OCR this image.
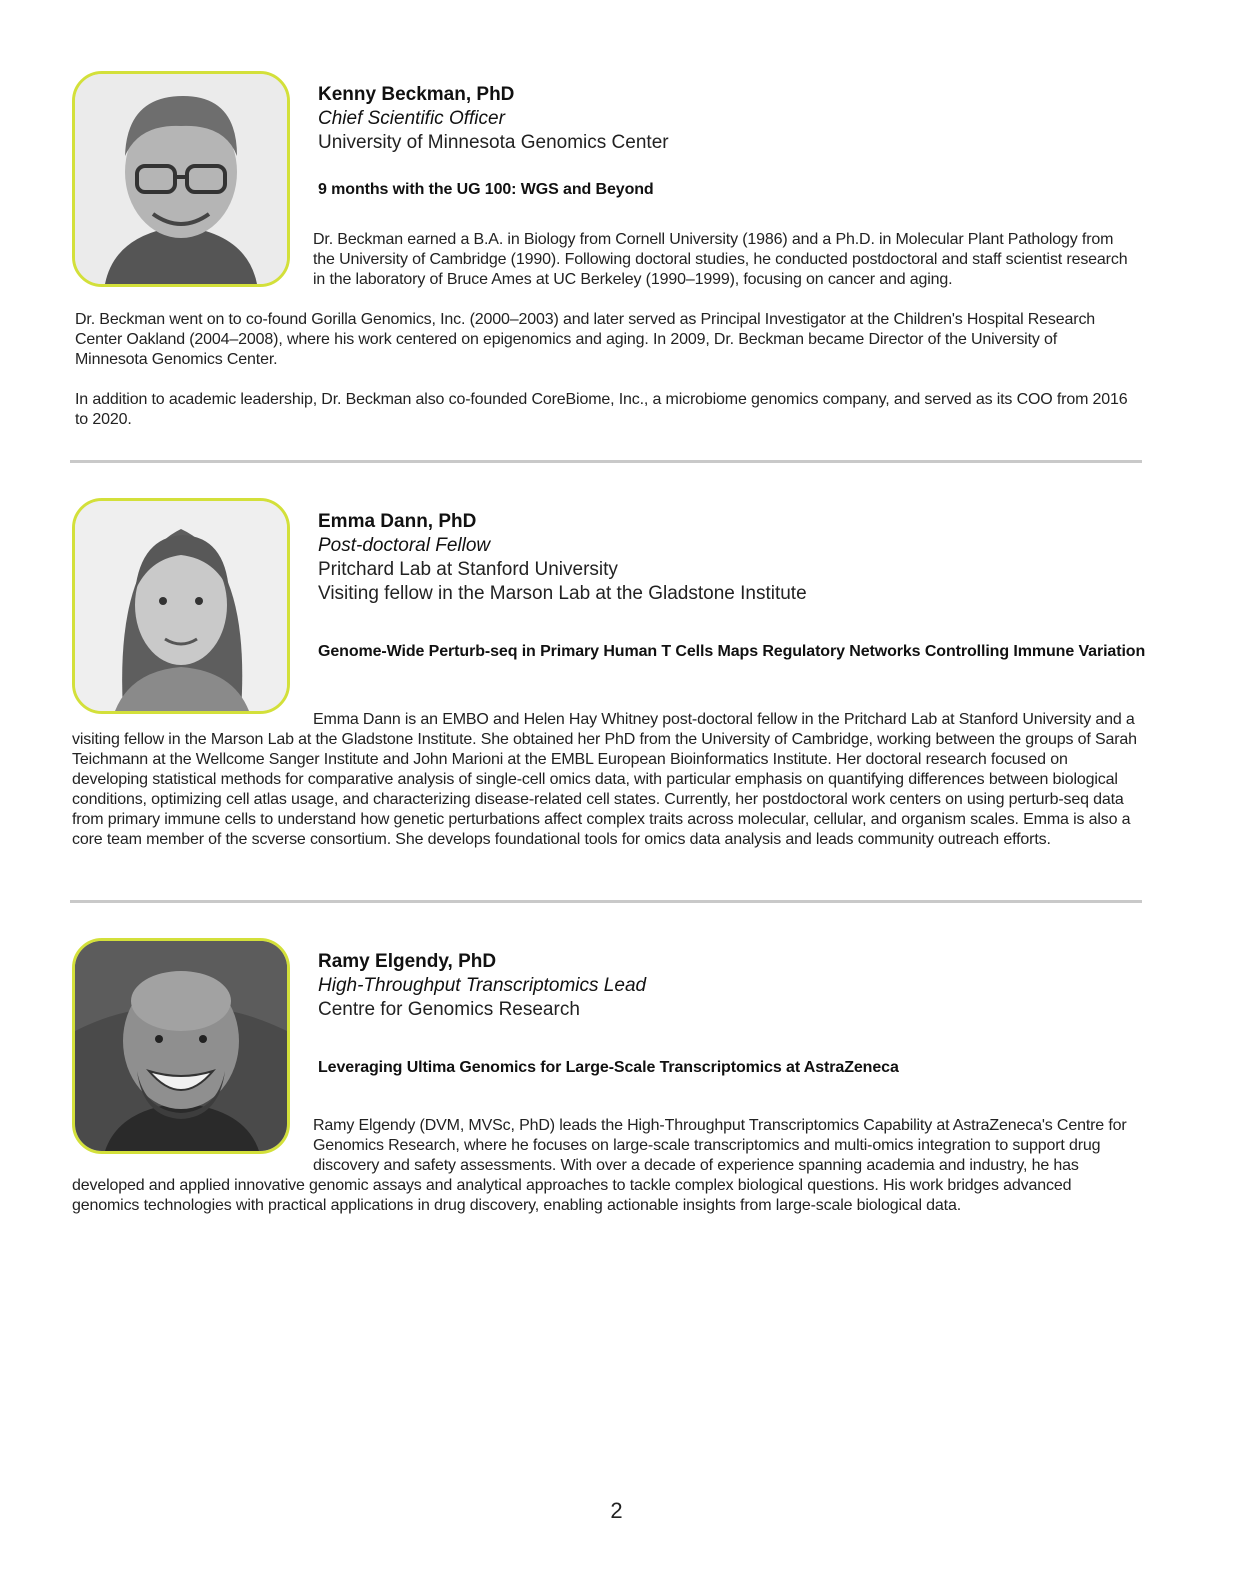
Kenny Beckman, PhD
Chief Scientific Officer
University of Minnesota Genomics Center
9 months with the UG 100: WGS and Beyond

Dr. Beckman earned a B.A. in Biology from Cornell University (1986) and a Ph.D. in Molecular Plant Pathology from the University of Cambridge (1990). Following doctoral studies, he conducted postdoctoral and staff scientist research in the laboratory of Bruce Ames at UC Berkeley (1990–1999), focusing on cancer and aging.

Dr. Beckman went on to co-found Gorilla Genomics, Inc. (2000–2003) and later served as Principal Investigator at the Children's Hospital Research Center Oakland (2004–2008), where his work centered on epigenomics and aging. In 2009, Dr. Beckman became Director of the University of Minnesota Genomics Center.

In addition to academic leadership, Dr. Beckman also co-founded CoreBiome, Inc., a microbiome genomics company, and served as its COO from 2016 to 2020.

Emma Dann, PhD
Post-doctoral Fellow
Pritchard Lab at Stanford University
Visiting fellow in the Marson Lab at the Gladstone Institute
Genome-Wide Perturb-seq in Primary Human T Cells Maps Regulatory Networks Controlling Immune Variation

Emma Dann is an EMBO and Helen Hay Whitney post-doctoral fellow in the Pritchard Lab at Stanford University and a visiting fellow in the Marson Lab at the Gladstone Institute. She obtained her PhD from the University of Cambridge, working between the groups of Sarah Teichmann at the Wellcome Sanger Institute and John Marioni at the EMBL European Bioinformatics Institute. Her doctoral research focused on developing statistical methods for comparative analysis of single-cell omics data, with particular emphasis on quantifying differences between biological conditions, optimizing cell atlas usage, and characterizing disease-related cell states. Currently, her postdoctoral work centers on using perturb-seq data from primary immune cells to understand how genetic perturbations affect complex traits across molecular, cellular, and organism scales. Emma is also a core team member of the scverse consortium. She develops foundational tools for omics data analysis and leads community outreach efforts.

Ramy Elgendy, PhD
High-Throughput Transcriptomics Lead
Centre for Genomics Research
Leveraging Ultima Genomics for Large-Scale Transcriptomics at AstraZeneca

Ramy Elgendy (DVM, MVSc, PhD) leads the High-Throughput Transcriptomics Capability at AstraZeneca's Centre for Genomics Research, where he focuses on large-scale transcriptomics and multi-omics integration to support drug discovery and safety assessments. With over a decade of experience spanning academia and industry, he has developed and applied innovative genomic assays and analytical approaches to tackle complex biological questions. His work bridges advanced genomics technologies with practical applications in drug discovery, enabling actionable insights from large-scale biological data.

2
